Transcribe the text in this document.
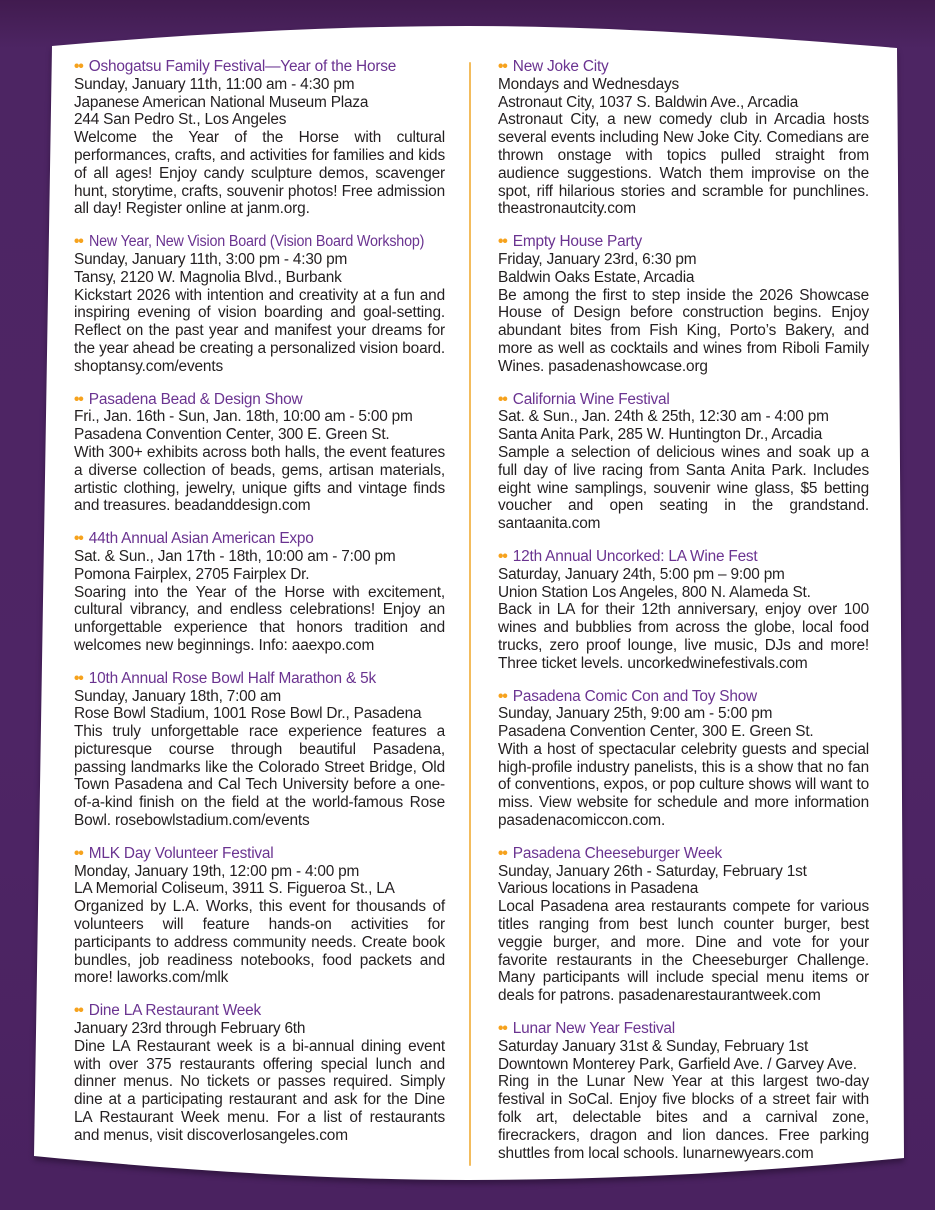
•• Oshogatsu Family Festival—Year of the Horse
Sunday, January 11th, 11:00 am - 4:30 pm
Japanese American National Museum Plaza
244 San Pedro St., Los Angeles
Welcome the Year of the Horse with cultural performances, crafts, and activities for families and kids of all ages! Enjoy candy sculpture demos, scavenger hunt, storytime, crafts, souvenir photos! Free admission all day! Register online at janm.org.
•• New Year, New Vision Board (Vision Board Workshop)
Sunday, January 11th, 3:00 pm - 4:30 pm
Tansy, 2120 W. Magnolia Blvd., Burbank
Kickstart 2026 with intention and creativity at a fun and inspiring evening of vision boarding and goal-setting. Reflect on the past year and manifest your dreams for the year ahead be creating a personalized vision board. shoptansy.com/events
•• Pasadena Bead & Design Show
Fri., Jan. 16th - Sun, Jan. 18th, 10:00 am - 5:00 pm
Pasadena Convention Center, 300 E. Green St.
With 300+ exhibits across both halls, the event features a diverse collection of beads, gems, artisan materials, artistic clothing, jewelry, unique gifts and vintage finds and treasures. beadanddesign.com
•• 44th Annual Asian American Expo
Sat. & Sun., Jan 17th - 18th, 10:00 am - 7:00 pm
Pomona Fairplex, 2705 Fairplex Dr.
Soaring into the Year of the Horse with excitement, cultural vibrancy, and endless celebrations! Enjoy an unforgettable experience that honors tradition and welcomes new beginnings. Info: aaexpo.com
•• 10th Annual Rose Bowl Half Marathon & 5k
Sunday, January 18th, 7:00 am
Rose Bowl Stadium, 1001 Rose Bowl Dr., Pasadena
This truly unforgettable race experience features a picturesque course through beautiful Pasadena, passing landmarks like the Colorado Street Bridge, Old Town Pasadena and Cal Tech University before a one-of-a-kind finish on the field at the world-famous Rose Bowl. rosebowlstadium.com/events
•• MLK Day Volunteer Festival
Monday, January 19th, 12:00 pm - 4:00 pm
LA Memorial Coliseum, 3911 S. Figueroa St., LA
Organized by L.A. Works, this event for thousands of volunteers will feature hands-on activities for participants to address community needs. Create book bundles, job readiness notebooks, food packets and more! laworks.com/mlk
•• Dine LA Restaurant Week
January 23rd through February 6th
Dine LA Restaurant week is a bi-annual dining event with over 375 restaurants offering special lunch and dinner menus. No tickets or passes required. Simply dine at a participating restaurant and ask for the Dine LA Restaurant Week menu. For a list of restaurants and menus, visit discoverlosangeles.com
•• New Joke City
Mondays and Wednesdays
Astronaut City, 1037 S. Baldwin Ave., Arcadia
Astronaut City, a new comedy club in Arcadia hosts several events including New Joke City. Comedians are thrown onstage with topics pulled straight from audience suggestions. Watch them improvise on the spot, riff hilarious stories and scramble for punchlines. theastronautcity.com
•• Empty House Party
Friday, January 23rd, 6:30 pm
Baldwin Oaks Estate, Arcadia
Be among the first to step inside the 2026 Showcase House of Design before construction begins. Enjoy abundant bites from Fish King, Porto’s Bakery, and more as well as cocktails and wines from Riboli Family Wines. pasadenashowcase.org
•• California Wine Festival
Sat. & Sun., Jan. 24th & 25th, 12:30 am - 4:00 pm
Santa Anita Park, 285 W. Huntington Dr., Arcadia
Sample a selection of delicious wines and soak up a full day of live racing from Santa Anita Park. Includes eight wine samplings, souvenir wine glass, $5 betting voucher and open seating in the grandstand. santaanita.com
•• 12th Annual Uncorked: LA Wine Fest
Saturday, January 24th, 5:00 pm – 9:00 pm
Union Station Los Angeles, 800 N. Alameda St.
Back in LA for their 12th anniversary, enjoy over 100 wines and bubblies from across the globe, local food trucks, zero proof lounge, live music, DJs and more! Three ticket levels. uncorkedwinefestivals.com
•• Pasadena Comic Con and Toy Show
Sunday, January 25th, 9:00 am - 5:00 pm
Pasadena Convention Center, 300 E. Green St.
With a host of spectacular celebrity guests and special high-profile industry panelists, this is a show that no fan of conventions, expos, or pop culture shows will want to miss. View website for schedule and more information pasadenacomiccon.com.
•• Pasadena Cheeseburger Week
Sunday, January 26th - Saturday, February 1st
Various locations in Pasadena
Local Pasadena area restaurants compete for various titles ranging from best lunch counter burger, best veggie burger, and more. Dine and vote for your favorite restaurants in the Cheeseburger Challenge. Many participants will include special menu items or deals for patrons. pasadenarestaurantweek.com
•• Lunar New Year Festival
Saturday January 31st & Sunday, February 1st
Downtown Monterey Park, Garfield Ave. / Garvey Ave.
Ring in the Lunar New Year at this largest two-day festival in SoCal. Enjoy five blocks of a street fair with folk art, delectable bites and a carnival zone, firecrackers, dragon and lion dances. Free parking shuttles from local schools. lunarnewyears.com
